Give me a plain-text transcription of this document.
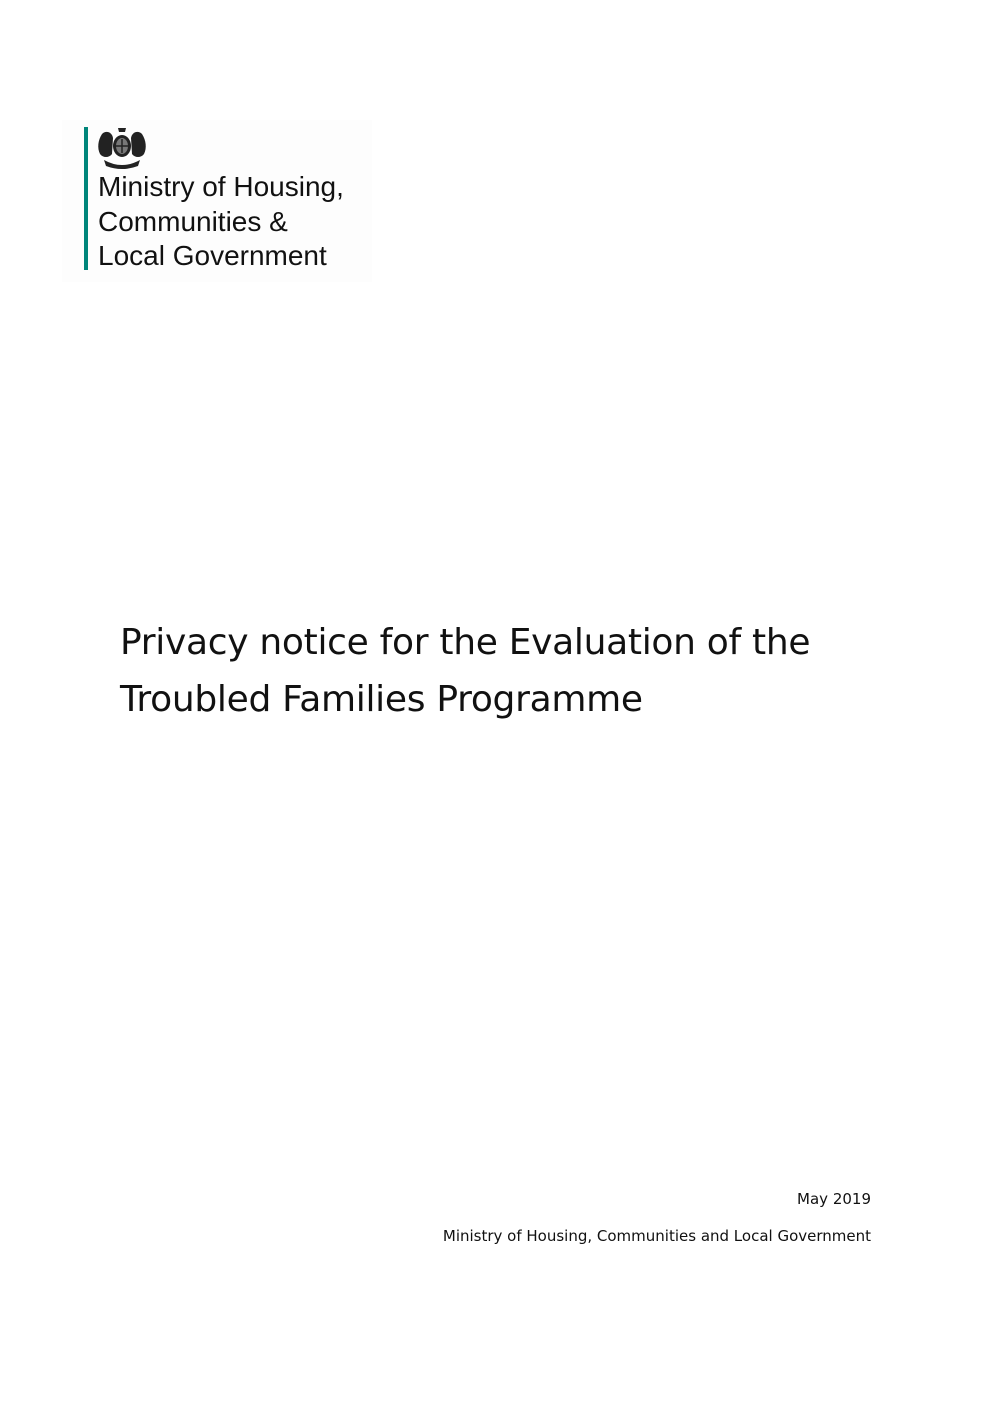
Ministry of Housing,
Communities &
Local Government
Privacy notice for the Evaluation of the
Troubled Families Programme
May 2019
Ministry of Housing, Communities and Local Government
